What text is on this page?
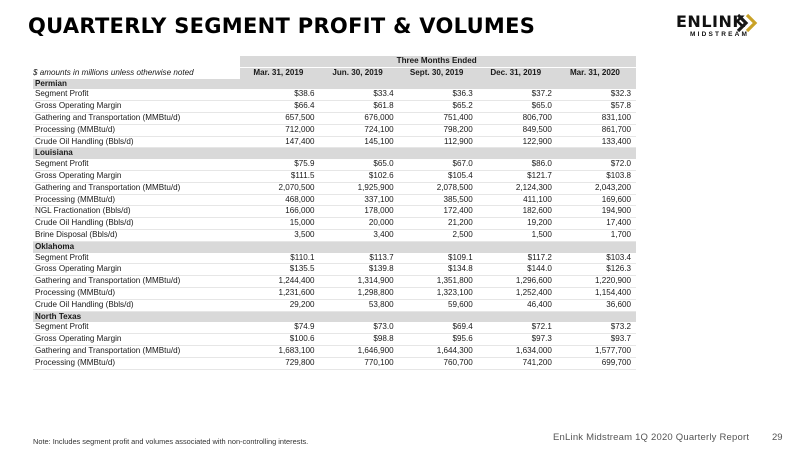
QUARTERLY SEGMENT PROFIT & VOLUMES	ENLINK
MIDSTREAM
	Three Months Ended				
$ amounts in millions unless otherwise noted	Mar. 31, 2019	Jun. 30, 2019	Sept. 30, 2019	Dec. 31, 2019	Mar. 31, 2020
Permian					
Segment Profit	$38.6	$33.4	$36.3	$37.2	$32.3
Gross Operating Margin	$66.4	$61.8	$65.2	$65.0	$57.8
Gathering and Transportation (MMBtu/d)	657,500	676,000	751,400	806,700	831,100
Processing (MMBtu/d)	712,000	724,100	798,200	849,500	861,700
Crude Oil Handling (Bbls/d)	147,400	145,100	112,900	122,900	133,400
Louisiana					
Segment Profit	$75.9	$65.0	$67.0	$86.0	$72.0
Gross Operating Margin	$111.5	$102.6	$105.4	$121.7	$103.8
Gathering and Transportation (MMBtu/d)	2,070,500	1,925,900	2,078,500	2,124,300	2,043,200
Processing (MMBtu/d)	468,000	337,100	385,500	411,100	169,600
NGL Fractionation (Bbls/d)	166,000	178,000	172,400	182,600	194,900
Crude Oil Handling (Bbls/d)	15,000	20,000	21,200	19,200	17,400
Brine Disposal (Bbls/d)	3,500	3,400	2,500	1,500	1,700
Oklahoma					
Segment Profit	$110.1	$113.7	$109.1	$117.2	$103.4
Gross Operating Margin	$135.5	$139.8	$134.8	$144.0	$126.3
Gathering and Transportation (MMBtu/d)	1,244,400	1,314,900	1,351,800	1,296,600	1,220,900
Processing (MMBtu/d)	1,231,600	1,298,800	1,323,100	1,252,400	1,154,400
Crude Oil Handling (Bbls/d)	29,200	53,800	59,600	46,400	36,600
North Texas					
Segment Profit	$74.9	$73.0	$69.4	$72.1	$73.2
Gross Operating Margin	$100.6	$98.8	$95.6	$97.3	$93.7
Gathering and Transportation (MMBtu/d)	1,683,100	1,646,900	1,644,300	1,634,000	1,577,700
Processing (MMBtu/d)	729,800	770,100	760,700	741,200	699,700
Note: Includes segment profit and volumes associated with non-controlling interests.	EnLink Midstream 1Q 2020 Quarterly Report 29
